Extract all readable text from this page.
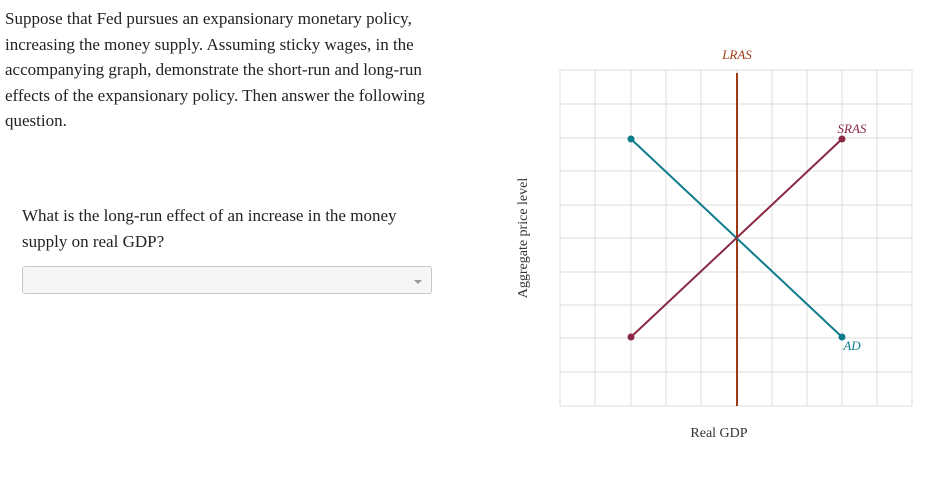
Suppose that Fed pursues an expansionary monetary policy, increasing the money supply. Assuming sticky wages, in the accompanying graph, demonstrate the short-run and long-run effects of the expansionary policy. Then answer the following question.

What is the long-run effect of an increase in the money supply on real GDP?

LRAS
SRAS
AD
Real GDP
Aggregate price level
